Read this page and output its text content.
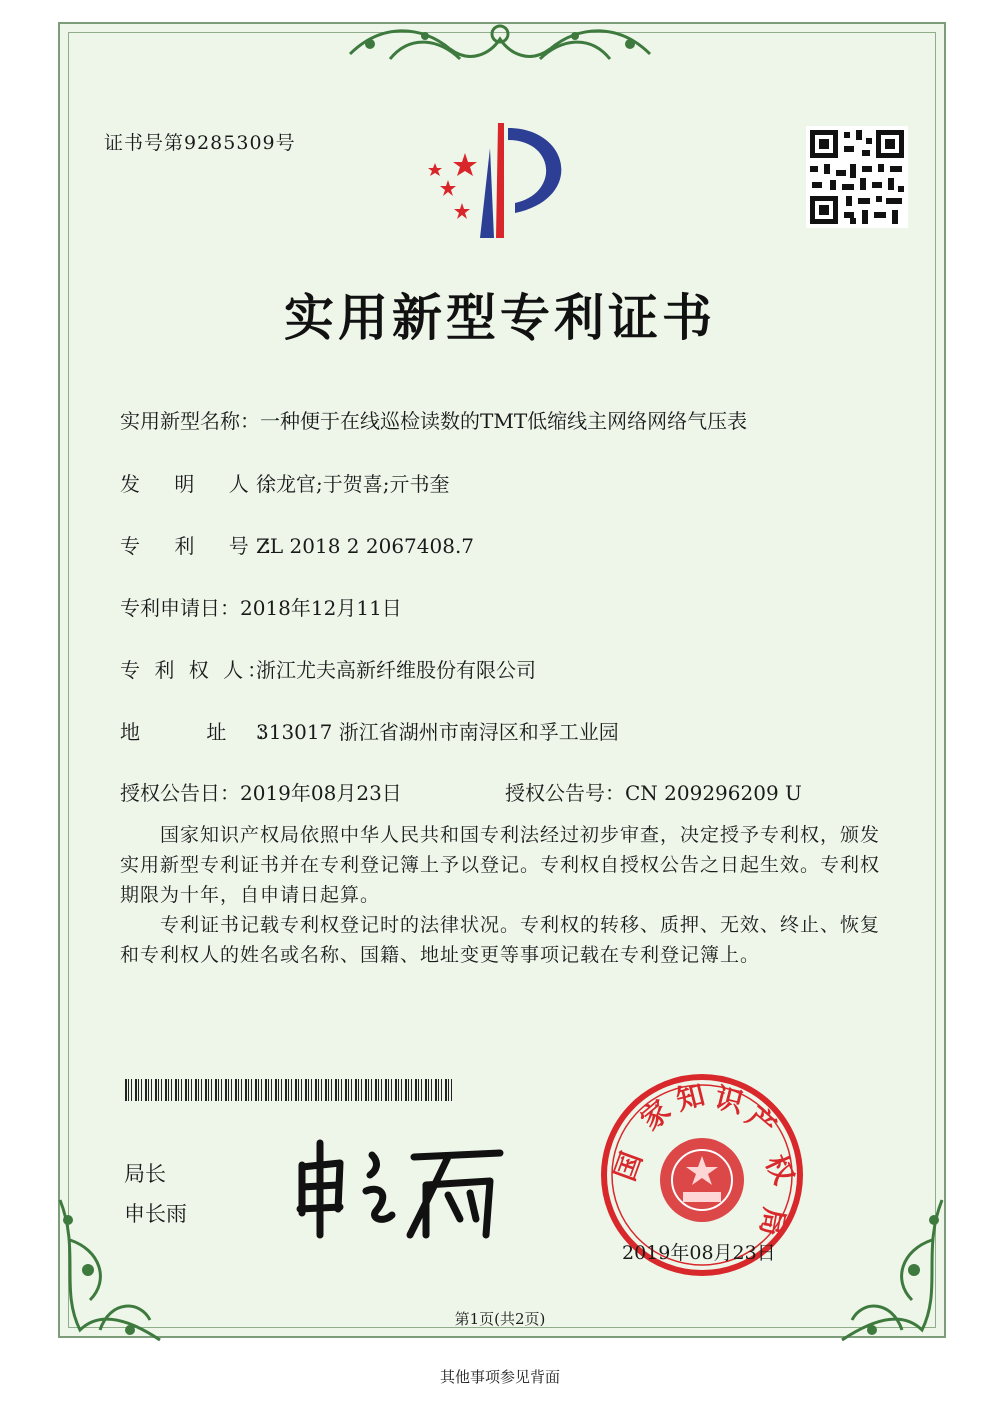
证书号第9285309号

实用新型专利证书

实用新型名称：一种便于在线巡检读数的TMT低缩线主网络网络气压表

发 明 人：徐龙官;于贺喜;亓书奎

专 利 号：ZL 2018 2 2067408.7

专利申请日：2018年12月11日

专 利 权 人：浙江尤夫高新纤维股份有限公司

地 址：313017 浙江省湖州市南浔区和孚工业园

授权公告日：2019年08月23日	授权公告号：CN 209296209 U

国家知识产权局依照中华人民共和国专利法经过初步审查，决定授予专利权，颁发实用新型专利证书并在专利登记簿上予以登记。专利权自授权公告之日起生效。专利权期限为十年，自申请日起算。

专利证书记载专利权登记时的法律状况。专利权的转移、质押、无效、终止、恢复和专利权人的姓名或名称、国籍、地址变更等事项记载在专利登记簿上。

局长

申长雨

国
家
知 识
产
权
局

2019年08月23日

第1页(共2页)

其他事项参见背面
